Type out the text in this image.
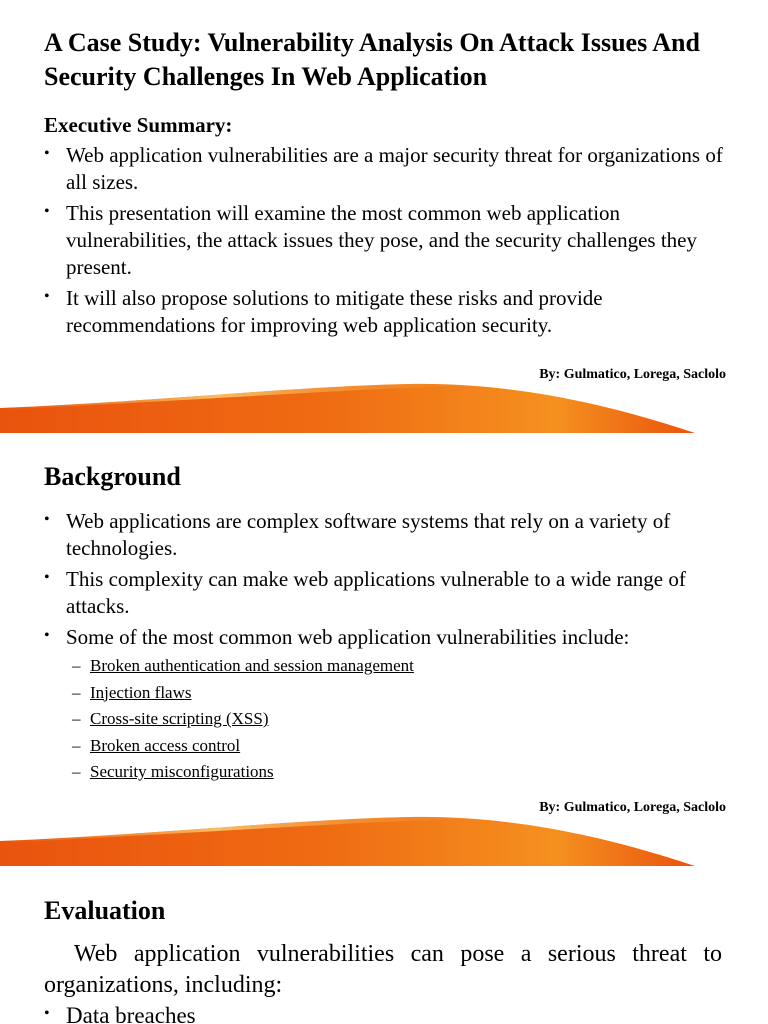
A Case Study: Vulnerability Analysis On Attack Issues And Security Challenges In Web Application

Executive Summary:

• Web application vulnerabilities are a major security threat for organizations of all sizes.
• This presentation will examine the most common web application vulnerabilities, the attack issues they pose, and the security challenges they present.
• It will also propose solutions to mitigate these risks and provide recommendations for improving web application security.

By: Gulmatico, Lorega, Saclolo

Background
• Web applications are complex software systems that rely on a variety of technologies.
• This complexity can make web applications vulnerable to a wide range of attacks.
• Some of the most common web application vulnerabilities include:
– Broken authentication and session management
– Injection flaws
– Cross-site scripting (XSS)
– Broken access control
– Security misconfigurations

By: Gulmatico, Lorega, Saclolo

Evaluation

Web application vulnerabilities can pose a serious threat to organizations, including:

• Data breaches
